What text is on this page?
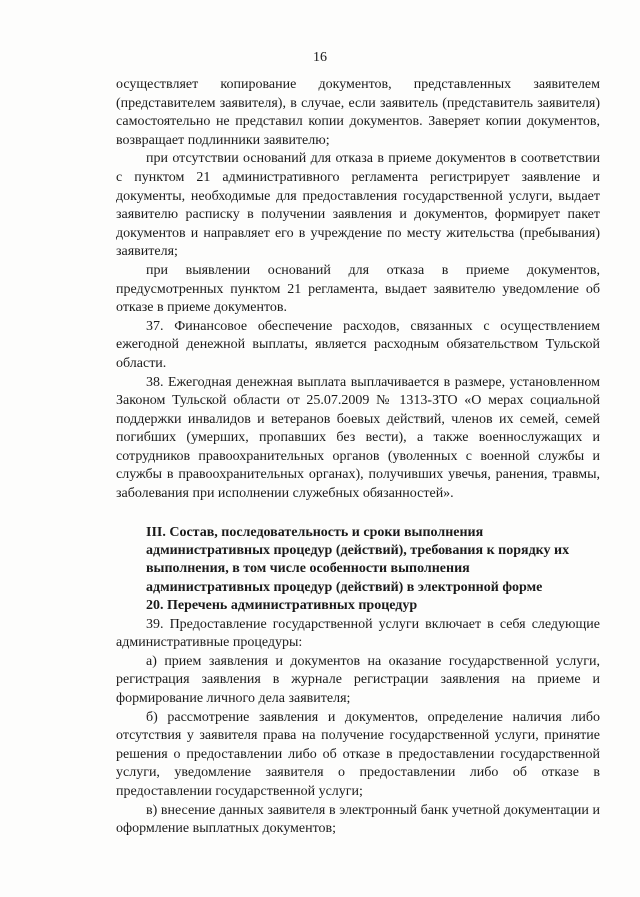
16

осуществляет копирование документов, представленных заявителем (представителем заявителя), в случае, если заявитель (представитель заявителя) самостоятельно не представил копии документов. Заверяет копии документов, возвращает подлинники заявителю;

при отсутствии оснований для отказа в приеме документов в соответствии с пунктом 21 административного регламента регистрирует заявление и документы, необходимые для предоставления государственной услуги, выдает заявителю расписку в получении заявления и документов, формирует пакет документов и направляет его в учреждение по месту жительства (пребывания) заявителя;

при выявлении оснований для отказа в приеме документов, предусмотренных пунктом 21 регламента, выдает заявителю уведомление об отказе в приеме документов.

37. Финансовое обеспечение расходов, связанных с осуществлением ежегодной денежной выплаты, является расходным обязательством Тульской области.

38. Ежегодная денежная выплата выплачивается в размере, установленном Законом Тульской области от 25.07.2009 № 1313-ЗТО «О мерах социальной поддержки инвалидов и ветеранов боевых действий, членов их семей, семей погибших (умерших, пропавших без вести), а также военнослужащих и сотрудников правоохранительных органов (уволенных с военной службы и службы в правоохранительных органах), получивших увечья, ранения, травмы, заболевания при исполнении служебных обязанностей».

III. Состав, последовательность и сроки выполнения

административных процедур (действий), требования к порядку их

выполнения, в том числе особенности выполнения

административных процедур (действий) в электронной форме

20. Перечень административных процедур

39. Предоставление государственной услуги включает в себя следующие административные процедуры:

а) прием заявления и документов на оказание государственной услуги, регистрация заявления в журнале регистрации заявления на приеме и формирование личного дела заявителя;

б) рассмотрение заявления и документов, определение наличия либо отсутствия у заявителя права на получение государственной услуги, принятие решения о предоставлении либо об отказе в предоставлении государственной услуги, уведомление заявителя о предоставлении либо об отказе в предоставлении государственной услуги;

в) внесение данных заявителя в электронный банк учетной документации и оформление выплатных документов;
